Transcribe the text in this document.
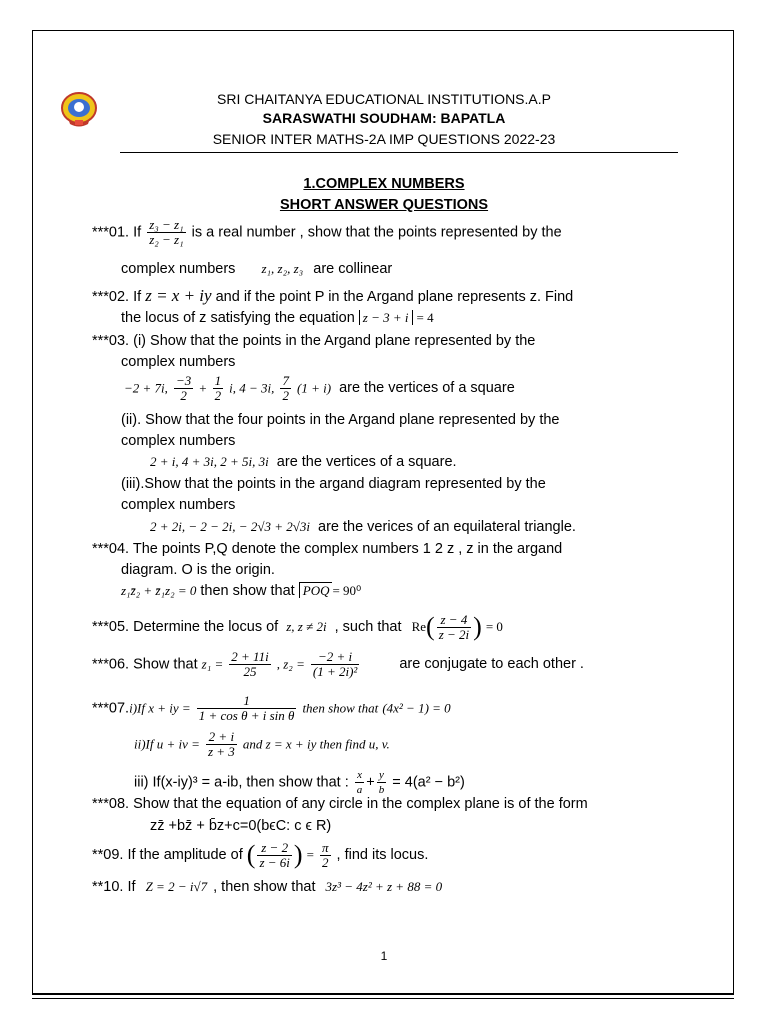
SRI CHAITANYA EDUCATIONAL INSTITUTIONS.A.P
SARASWATHI SOUDHAM: BAPATLA
SENIOR INTER MATHS-2A IMP QUESTIONS 2022-23
1.COMPLEX NUMBERS
SHORT ANSWER QUESTIONS
***01. If $\frac{\text{z₃ − z₁}}{\text{z₂ − z₁}}$ is a real number , show that the points represented by the
complex numbers z₁, z₂, z₃ are collinear
***02. If z = x + iy and if the point P in the Argand plane represents z. Find
the locus of z satisfying the equation z − 3 + i = 4
***03. (i) Show that the points in the Argand plane represented by the
complex numbers
−2 + 7i, $\frac{-3}{2} + \frac{1}{2} i$, 4 − 3i, $\frac{7}{2} (1 + i)$ are the vertices of a square
(ii). Show that the four points in the Argand plane represented by the
complex numbers
2 + i, 4 + 3i, 2 + 5i, 3i are the vertices of a square.
(iii).Show that the points in the argand diagram represented by the
complex numbers
2 + 2i, − 2 − 2i, − 2√3 + 2√3i are the verices of an equilateral triangle.
***04. The points P,Q denote the complex numbers 1 2 z , z in the argand
diagram. O is the origin.
z₁z̄₂ + z̄₁z₂ = 0 then show that POQ = 90⁰
***05. Determine the locus of z, z ≠ 2i , such that $Re( \frac{z - 4}{z - 2i}$ ) = 0
***06. Show that $z_1 = \frac{2 + 11i}{25}$ , $z_2 = \frac{-2 + i}{\text{(1 + 2i)²}}$	are conjugate to each other .
***07.i)If x + iy = $\frac{1}{\text{1 + cos θ + i sin θ}}$ then show that (4x² − 1) = 0
ii)If u + iv = $\frac{2 + i}{z + 3}$ and z = x + iy then find u, v.
iii) If(x-iy)³ = a-ib, then show that : $\frac{x}{a} + \frac{y}{b} = 4(a^2 - b^2)$
***08. Show that the equation of any circle in the complex plane is of the form
zz̄ +bz̄ + b̄z+c=0(bϵC: c ϵ R)
**09. If the amplitude of ( $\frac{z - 2}{z - 6i}$ ) = $\frac{\pi}{2}$ , find its locus.
**10. If Z = 2 − i√7 , then show that 3z³ − 4z² + z + 88 = 0
1
